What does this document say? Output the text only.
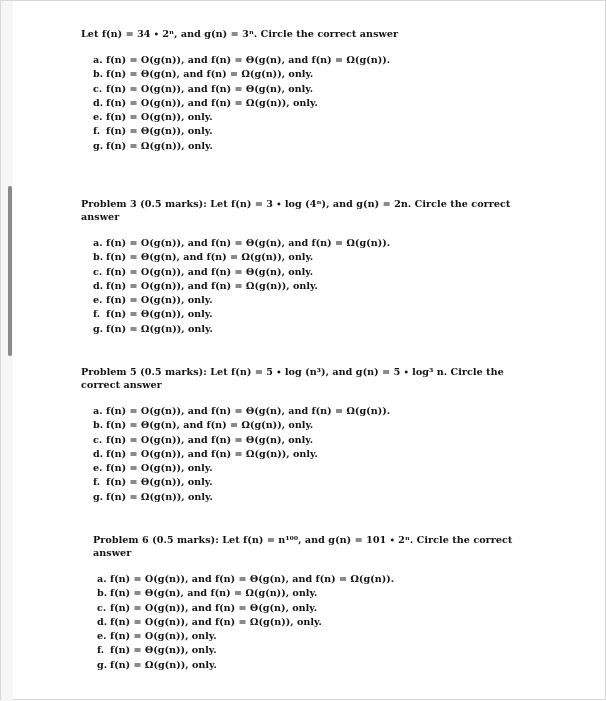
Let f(n) = 34 ∙ 2ⁿ, and g(n) = 3ⁿ. Circle the correct answer
a. f(n) = O(g(n)), and f(n) = Θ(g(n), and f(n) = Ω(g(n)).
b. f(n) = Θ(g(n), and f(n) = Ω(g(n)), only.
c. f(n) = O(g(n)), and f(n) = Θ(g(n), only.
d. f(n) = O(g(n)), and f(n) = Ω(g(n)), only.
e. f(n) = O(g(n)), only.
f. f(n) = Θ(g(n)), only.
g. f(n) = Ω(g(n)), only.
Problem 3 (0.5 marks): Let f(n) = 3 ∙ log (4ⁿ), and g(n) = 2n. Circle the correct answer
a. f(n) = O(g(n)), and f(n) = Θ(g(n), and f(n) = Ω(g(n)).
b. f(n) = Θ(g(n), and f(n) = Ω(g(n)), only.
c. f(n) = O(g(n)), and f(n) = Θ(g(n), only.
d. f(n) = O(g(n)), and f(n) = Ω(g(n)), only.
e. f(n) = O(g(n)), only.
f. f(n) = Θ(g(n)), only.
g. f(n) = Ω(g(n)), only.
Problem 5 (0.5 marks): Let f(n) = 5 ∙ log (n³), and g(n) = 5 ∙ log³ n. Circle the correct answer
a. f(n) = O(g(n)), and f(n) = Θ(g(n), and f(n) = Ω(g(n)).
b. f(n) = Θ(g(n), and f(n) = Ω(g(n)), only.
c. f(n) = O(g(n)), and f(n) = Θ(g(n), only.
d. f(n) = O(g(n)), and f(n) = Ω(g(n)), only.
e. f(n) = O(g(n)), only.
f. f(n) = Θ(g(n)), only.
g. f(n) = Ω(g(n)), only.
Problem 6 (0.5 marks): Let f(n) = n¹⁰⁰, and g(n) = 101 ∙ 2ⁿ. Circle the correct answer
a. f(n) = O(g(n)), and f(n) = Θ(g(n), and f(n) = Ω(g(n)).
b. f(n) = Θ(g(n), and f(n) = Ω(g(n)), only.
c. f(n) = O(g(n)), and f(n) = Θ(g(n), only.
d. f(n) = O(g(n)), and f(n) = Ω(g(n)), only.
e. f(n) = O(g(n)), only.
f. f(n) = Θ(g(n)), only.
g. f(n) = Ω(g(n)), only.
